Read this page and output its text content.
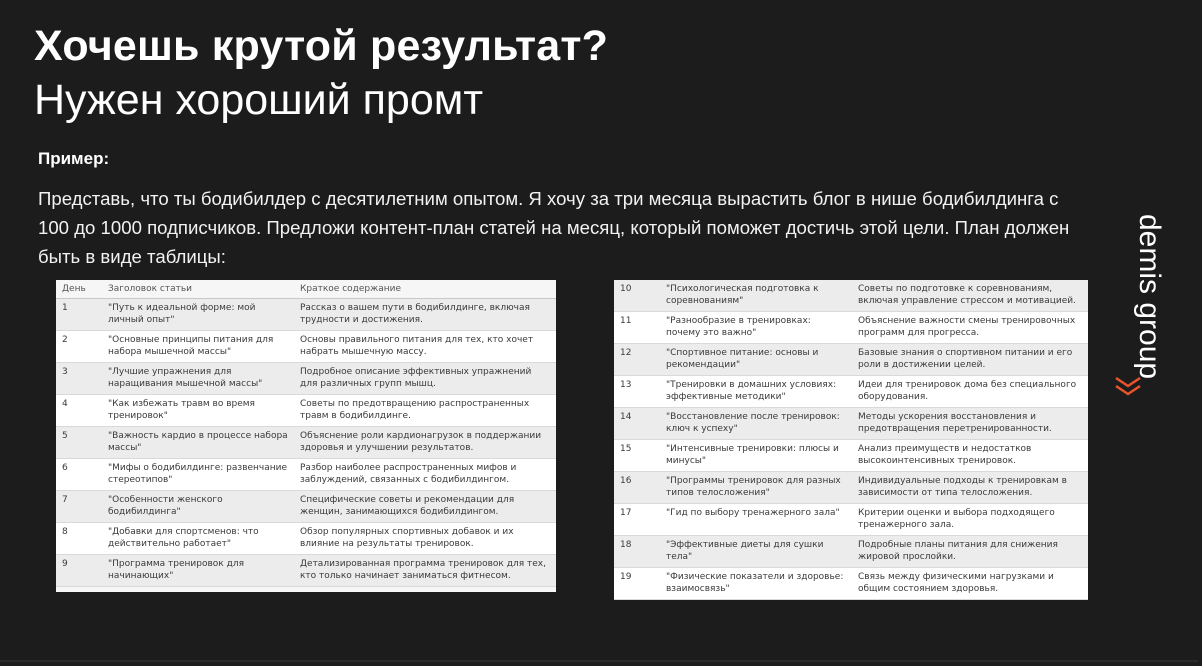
Хочешь крутой результат?
Нужен хороший промт
Пример:
Представь, что ты бодибилдер с десятилетним опытом. Я хочу за три месяца вырастить блог в нише бодибилдинга с 100 до 1000 подписчиков. Предложи контент-план статей на месяц, который поможет достичь этой цели. План должен быть в виде таблицы:	demis group
День	Заголовок статьи	Краткое содержание
1	"Путь к идеальной форме: мой личный опыт"	Рассказ о вашем пути в бодибилдинге, включая трудности и достижения.
2	"Основные принципы питания для набора мышечной массы"	Основы правильного питания для тех, кто хочет набрать мышечную массу.
3	"Лучшие упражнения для наращивания мышечной массы"	Подробное описание эффективных упражнений для различных групп мышц.
4	"Как избежать травм во время тренировок"	Советы по предотвращению распространенных травм в бодибилдинге.
5	"Важность кардио в процессе набора массы"	Объяснение роли кардионагрузок в поддержании здоровья и улучшении результатов.
6	"Мифы о бодибилдинге: развенчание стереотипов"	Разбор наиболее распространенных мифов и заблуждений, связанных с бодибилдингом.
7	"Особенности женского бодибилдинга"	Специфические советы и рекомендации для женщин, занимающихся бодибилдингом.
8	"Добавки для спортсменов: что действительно работает"	Обзор популярных спортивных добавок и их влияние на результаты тренировок.
9	"Программа тренировок для начинающих"	Детализированная программа тренировок для тех, кто только начинает заниматься фитнесом.
10	"Психологическая подготовка к соревнованиям"	Советы по подготовке к соревнованиям, включая управление стрессом и мотивацией.
11	"Разнообразие в тренировках: почему это важно"	Объяснение важности смены тренировочных программ для прогресса.
12	"Спортивное питание: основы и рекомендации"	Базовые знания о спортивном питании и его роли в достижении целей.
13	"Тренировки в домашних условиях: эффективные методики"	Идеи для тренировок дома без специального оборудования.
14	"Восстановление после тренировок: ключ к успеху"	Методы ускорения восстановления и предотвращения перетренированности.
15	"Интенсивные тренировки: плюсы и минусы"	Анализ преимуществ и недостатков высокоинтенсивных тренировок.
16	"Программы тренировок для разных типов телосложения"	Индивидуальные подходы к тренировкам в зависимости от типа телосложения.
17	"Гид по выбору тренажерного зала"	Критерии оценки и выбора подходящего тренажерного зала.
18	"Эффективные диеты для сушки тела"	Подробные планы питания для снижения жировой прослойки.
19	"Физические показатели и здоровье: взаимосвязь"	Связь между физическими нагрузками и общим состоянием здоровья.
